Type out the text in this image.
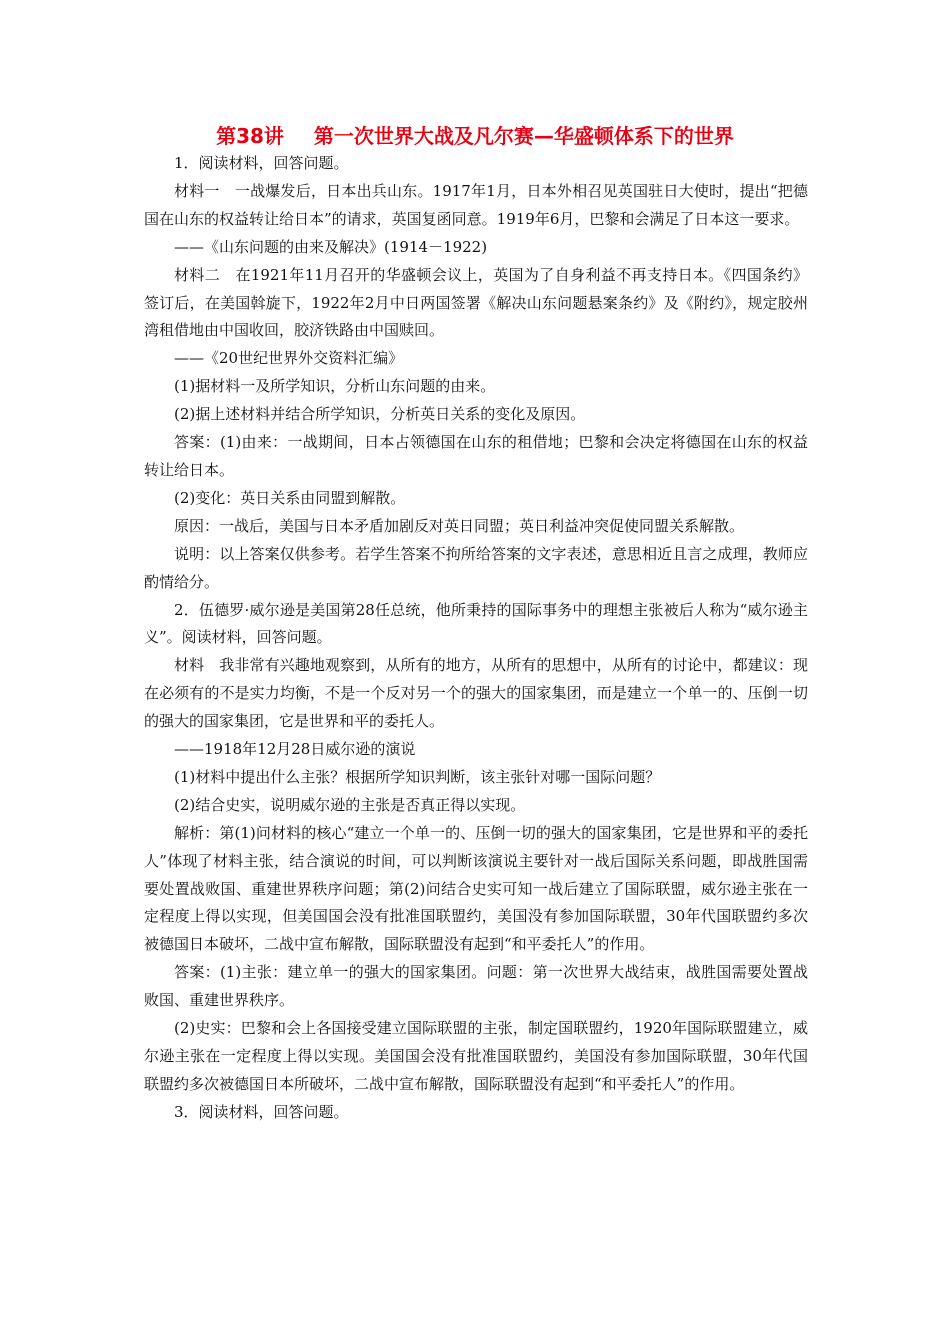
第38讲 第一次世界大战及凡尔赛—华盛顿体系下的世界

1．阅读材料，回答问题。

材料一　一战爆发后，日本出兵山东。1917年1月，日本外相召见英国驻日大使时，提出“把德国在山东的权益转让给日本”的请求，英国复函同意。1919年6月，巴黎和会满足了日本这一要求。

——《山东问题的由来及解决》(1914－1922)

材料二　在1921年11月召开的华盛顿会议上，英国为了自身利益不再支持日本。《四国条约》签订后，在美国斡旋下，1922年2月中日两国签署《解决山东问题悬案条约》及《附约》，规定胶州湾租借地由中国收回，胶济铁路由中国赎回。

——《20世纪世界外交资料汇编》

(1)据材料一及所学知识，分析山东问题的由来。

(2)据上述材料并结合所学知识，分析英日关系的变化及原因。

答案：(1)由来：一战期间，日本占领德国在山东的租借地；巴黎和会决定将德国在山东的权益转让给日本。

(2)变化：英日关系由同盟到解散。

原因：一战后，美国与日本矛盾加剧反对英日同盟；英日利益冲突促使同盟关系解散。

说明：以上答案仅供参考。若学生答案不拘所给答案的文字表述，意思相近且言之成理，教师应酌情给分。

2．伍德罗·威尔逊是美国第28任总统，他所秉持的国际事务中的理想主张被后人称为“威尔逊主义”。阅读材料，回答问题。

材料　我非常有兴趣地观察到，从所有的地方，从所有的思想中，从所有的讨论中，都建议：现在必须有的不是实力均衡，不是一个反对另一个的强大的国家集团，而是建立一个单一的、压倒一切的强大的国家集团，它是世界和平的委托人。

——1918年12月28日威尔逊的演说

(1)材料中提出什么主张？根据所学知识判断，该主张针对哪一国际问题？

(2)结合史实，说明威尔逊的主张是否真正得以实现。

解析：第(1)问材料的核心“建立一个单一的、压倒一切的强大的国家集团，它是世界和平的委托人”体现了材料主张，结合演说的时间，可以判断该演说主要针对一战后国际关系问题，即战胜国需要处置战败国、重建世界秩序问题；第(2)问结合史实可知一战后建立了国际联盟，威尔逊主张在一定程度上得以实现，但美国国会没有批准国联盟约，美国没有参加国际联盟，30年代国联盟约多次被德国日本破坏，二战中宣布解散，国际联盟没有起到“和平委托人”的作用。

答案：(1)主张：建立单一的强大的国家集团。问题：第一次世界大战结束，战胜国需要处置战败国、重建世界秩序。

(2)史实：巴黎和会上各国接受建立国际联盟的主张，制定国联盟约，1920年国际联盟建立，威尔逊主张在一定程度上得以实现。美国国会没有批准国联盟约，美国没有参加国际联盟，30年代国联盟约多次被德国日本所破坏，二战中宣布解散，国际联盟没有起到“和平委托人”的作用。

3．阅读材料，回答问题。
